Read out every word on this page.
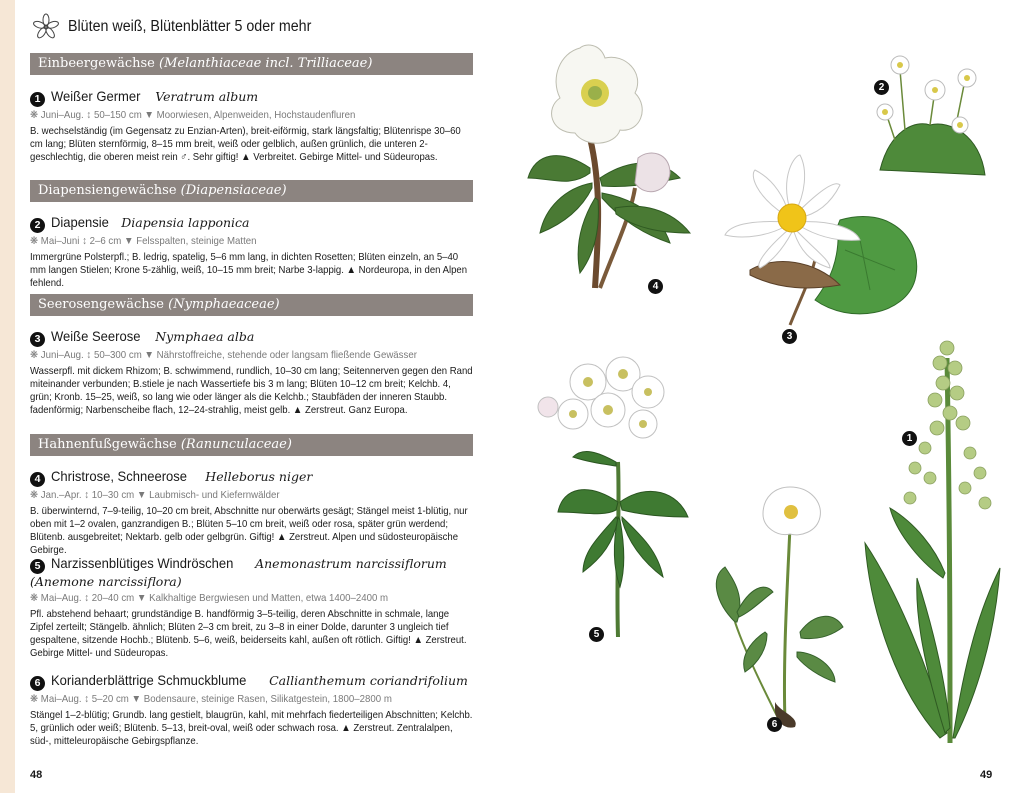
Blüten weiß, Blütenblätter 5 oder mehr
Einbeergewächse (Melanthiaceae incl. Trilliaceae)
1 Weißer Germer Veratrum album
❋ Juni–Aug. ↕ 50–150 cm ▼ Moorwiesen, Alpenweiden, Hochstaudenfluren
B. wechselständig (im Gegensatz zu Enzian-Arten), breit-eiförmig, stark längsfaltig; Blütenrispe 30–60 cm lang; Blüten sternförmig, 8–15 mm breit, weiß oder gelblich, außen grünlich, die unteren 2-geschlechtig, die oberen meist rein ♂. Sehr giftig! ▲ Verbreitet. Gebirge Mittel- und Südeuropas.
Diapensiengewächse (Diapensiaceae)
2 Diapensie Diapensia lapponica
❋ Mai–Juni ↕ 2–6 cm ▼ Felsspalten, steinige Matten
Immergrüne Polsterpfl.; B. ledrig, spatelig, 5–6 mm lang, in dichten Rosetten; Blüten einzeln, an 5–40 mm langen Stielen; Krone 5-zählig, weiß, 10–15 mm breit; Narbe 3-lappig. ▲ Nordeuropa, in den Alpen fehlend.
Seerosengewächse (Nymphaeaceae)
3 Weiße Seerose Nymphaea alba
❋ Juni–Aug. ↕ 50–300 cm ▼ Nährstoffreiche, stehende oder langsam fließende Gewässer
Wasserpfl. mit dickem Rhizom; B. schwimmend, rundlich, 10–30 cm lang; Seitennerven gegen den Rand miteinander verbunden; B.stiele je nach Wassertiefe bis 3 m lang; Blüten 10–12 cm breit; Kelchb. 4, grün; Kronb. 15–25, weiß, so lang wie oder länger als die Kelchb.; Staubfäden der inneren Staubb. fadenförmig; Narbenscheibe flach, 12–24-strahlig, meist gelb. ▲ Zerstreut. Ganz Europa.
Hahnenfußgewächse (Ranunculaceae)
4 Christrose, Schneerose Helleborus niger
❋ Jan.–Apr. ↕ 10–30 cm ▼ Laubmisch- und Kiefernwälder
B. überwinternd, 7–9-teilig, 10–20 cm breit, Abschnitte nur oberwärts gesägt; Stängel meist 1-blütig, nur oben mit 1–2 ovalen, ganzrandigen B.; Blüten 5–10 cm breit, weiß oder rosa, später grün werdend; Blütenb. ausgebreitet; Nektarb. gelb oder gelbgrün. Giftig! ▲ Zerstreut. Alpen und südosteuropäische Gebirge.
5 Narzissenblütiges Windröschen Anemonastrum narcissiflorum
(Anemone narcissiflora)
❋ Mai–Aug. ↕ 20–40 cm ▼ Kalkhaltige Bergwiesen und Matten, etwa 1400–2400 m
Pfl. abstehend behaart; grundständige B. handförmig 3–5-teilig, deren Abschnitte in schmale, lange Zipfel zerteilt; Stängelb. ähnlich; Blüten 2–3 cm breit, zu 3–8 in einer Dolde, darunter 3 ungleich tief gespaltene, sitzende Hochb.; Blütenb. 5–6, weiß, beiderseits kahl, außen oft rötlich. Giftig! ▲ Zerstreut. Gebirge Mittel- und Südeuropas.
6 Korianderblättrige Schmuckblume Callianthemum coriandrifolium
❋ Mai–Aug. ↕ 5–20 cm ▼ Bodensaure, steinige Rasen, Silikatgestein, 1800–2800 m
Stängel 1–2-blütig; Grundb. lang gestielt, blaugrün, kahl, mit mehrfach fiederteiligen Abschnitten; Kelchb. 5, grünlich oder weiß; Blütenb. 5–13, breit-oval, weiß oder schwach rosa. ▲ Zerstreut. Zentralalpen, süd-, mitteleuropäische Gebirgspflanze.
48
4
3
2
5
6
1
49
